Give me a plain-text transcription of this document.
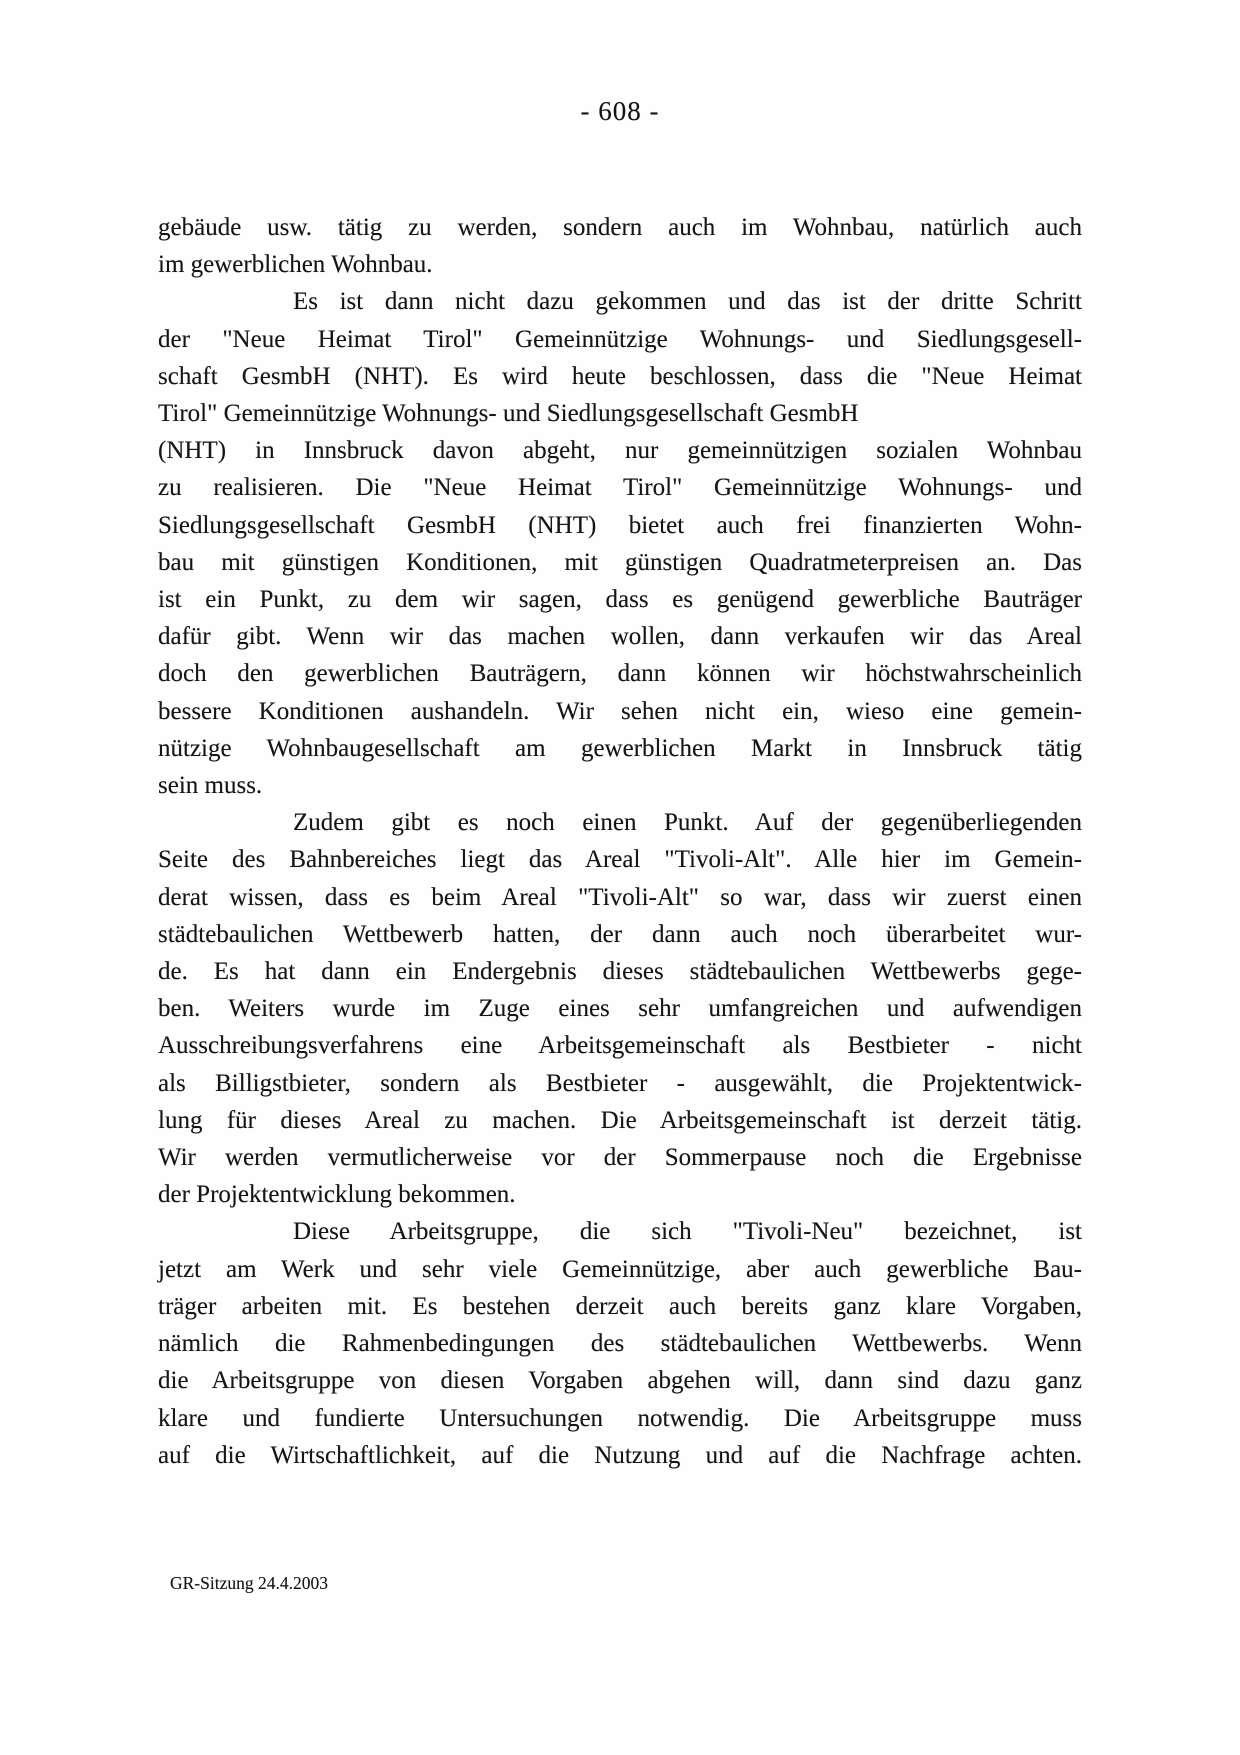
- 608 -
gebäude usw. tätig zu werden, sondern auch im Wohnbau, natürlich auch
im gewerblichen Wohnbau.
Es ist dann nicht dazu gekommen und das ist der dritte Schritt
der "Neue Heimat Tirol" Gemeinnützige Wohnungs- und Siedlungsgesell-
schaft GesmbH (NHT). Es wird heute beschlossen, dass die "Neue Heimat
Tirol" Gemeinnützige Wohnungs- und Siedlungsgesellschaft GesmbH
(NHT) in Innsbruck davon abgeht, nur gemeinnützigen sozialen Wohnbau
zu realisieren. Die "Neue Heimat Tirol" Gemeinnützige Wohnungs- und
Siedlungsgesellschaft GesmbH (NHT) bietet auch frei finanzierten Wohn-
bau mit günstigen Konditionen, mit günstigen Quadratmeterpreisen an. Das
ist ein Punkt, zu dem wir sagen, dass es genügend gewerbliche Bauträger
dafür gibt. Wenn wir das machen wollen, dann verkaufen wir das Areal
doch den gewerblichen Bauträgern, dann können wir höchstwahrscheinlich
bessere Konditionen aushandeln. Wir sehen nicht ein, wieso eine gemein-
nützige Wohnbaugesellschaft am gewerblichen Markt in Innsbruck tätig
sein muss.
Zudem gibt es noch einen Punkt. Auf der gegenüberliegenden
Seite des Bahnbereiches liegt das Areal "Tivoli-Alt". Alle hier im Gemein-
derat wissen, dass es beim Areal "Tivoli-Alt" so war, dass wir zuerst einen
städtebaulichen Wettbewerb hatten, der dann auch noch überarbeitet wur-
de. Es hat dann ein Endergebnis dieses städtebaulichen Wettbewerbs gege-
ben. Weiters wurde im Zuge eines sehr umfangreichen und aufwendigen
Ausschreibungsverfahrens eine Arbeitsgemeinschaft als Bestbieter - nicht
als Billigstbieter, sondern als Bestbieter - ausgewählt, die Projektentwick-
lung für dieses Areal zu machen. Die Arbeitsgemeinschaft ist derzeit tätig.
Wir werden vermutlicherweise vor der Sommerpause noch die Ergebnisse
der Projektentwicklung bekommen.
Diese Arbeitsgruppe, die sich "Tivoli-Neu" bezeichnet, ist
jetzt am Werk und sehr viele Gemeinnützige, aber auch gewerbliche Bau-
träger arbeiten mit. Es bestehen derzeit auch bereits ganz klare Vorgaben,
nämlich die Rahmenbedingungen des städtebaulichen Wettbewerbs. Wenn
die Arbeitsgruppe von diesen Vorgaben abgehen will, dann sind dazu ganz
klare und fundierte Untersuchungen notwendig. Die Arbeitsgruppe muss
auf die Wirtschaftlichkeit, auf die Nutzung und auf die Nachfrage achten.
GR-Sitzung 24.4.2003
